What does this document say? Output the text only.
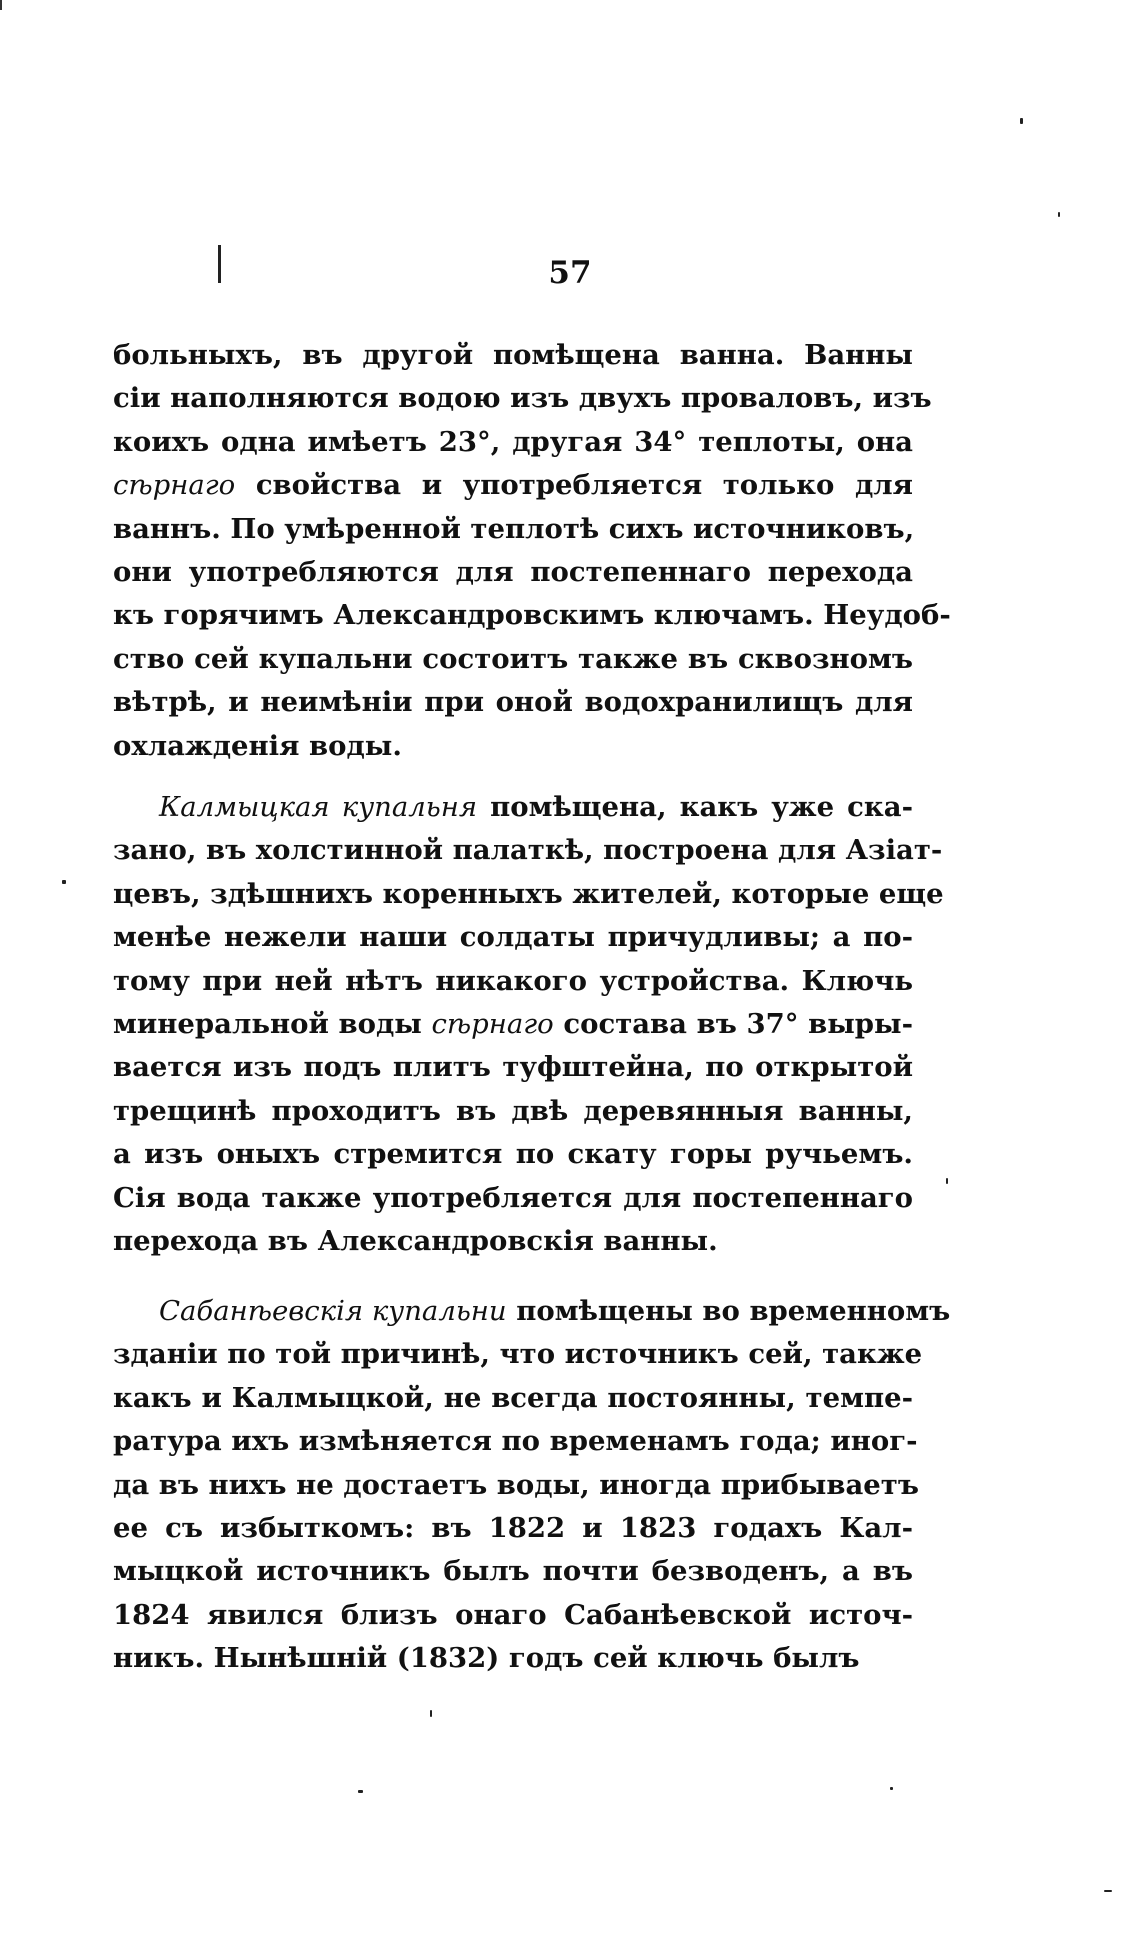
57
больныхъ, въ другой помѣщена ванна. Ванны
сіи наполняются водою изъ двухъ проваловъ, изъ
коихъ одна имѣетъ 23°, другая 34° теплоты, она
сѣрнаго свойства и употребляется только для
ваннъ. По умѣренной теплотѣ сихъ источниковъ,
они употребляются для постепеннаго перехода
къ горячимъ Александровскимъ ключамъ. Неудоб-
ство сей купальни состоитъ также въ сквозномъ
вѣтрѣ, и неимѣніи при оной водохранилищъ для
охлажденія воды.
Калмыцкая купальня помѣщена, какъ уже ска-
зано, въ холстинной палаткѣ, построена для Азіат-
цевъ, здѣшнихъ коренныхъ жителей, которые еще
менѣе нежели наши солдаты причудливы; а по-
тому при ней нѣтъ никакого устройства. Ключь
минеральной воды сѣрнаго состава въ 37° выры-
вается изъ подъ плитъ туфштейна, по открытой
трещинѣ проходитъ въ двѣ деревянныя ванны,
а изъ оныхъ стремится по скату горы ручьемъ.
Сія вода также употребляется для постепеннаго
перехода въ Александровскія ванны.
Сабанѣевскія купальни помѣщены во временномъ
зданіи по той причинѣ, что источникъ сей, также
какъ и Калмыцкой, не всегда постоянны, темпе-
ратура ихъ измѣняется по временамъ года; иног-
да въ нихъ не достаетъ воды, иногда прибываетъ
ее съ избыткомъ: въ 1822 и 1823 годахъ Кал-
мыцкой источникъ былъ почти безводенъ, а въ
1824 явился близъ онаго Сабанѣевской источ-
никъ. Нынѣшній (1832) годъ сей ключь былъ
